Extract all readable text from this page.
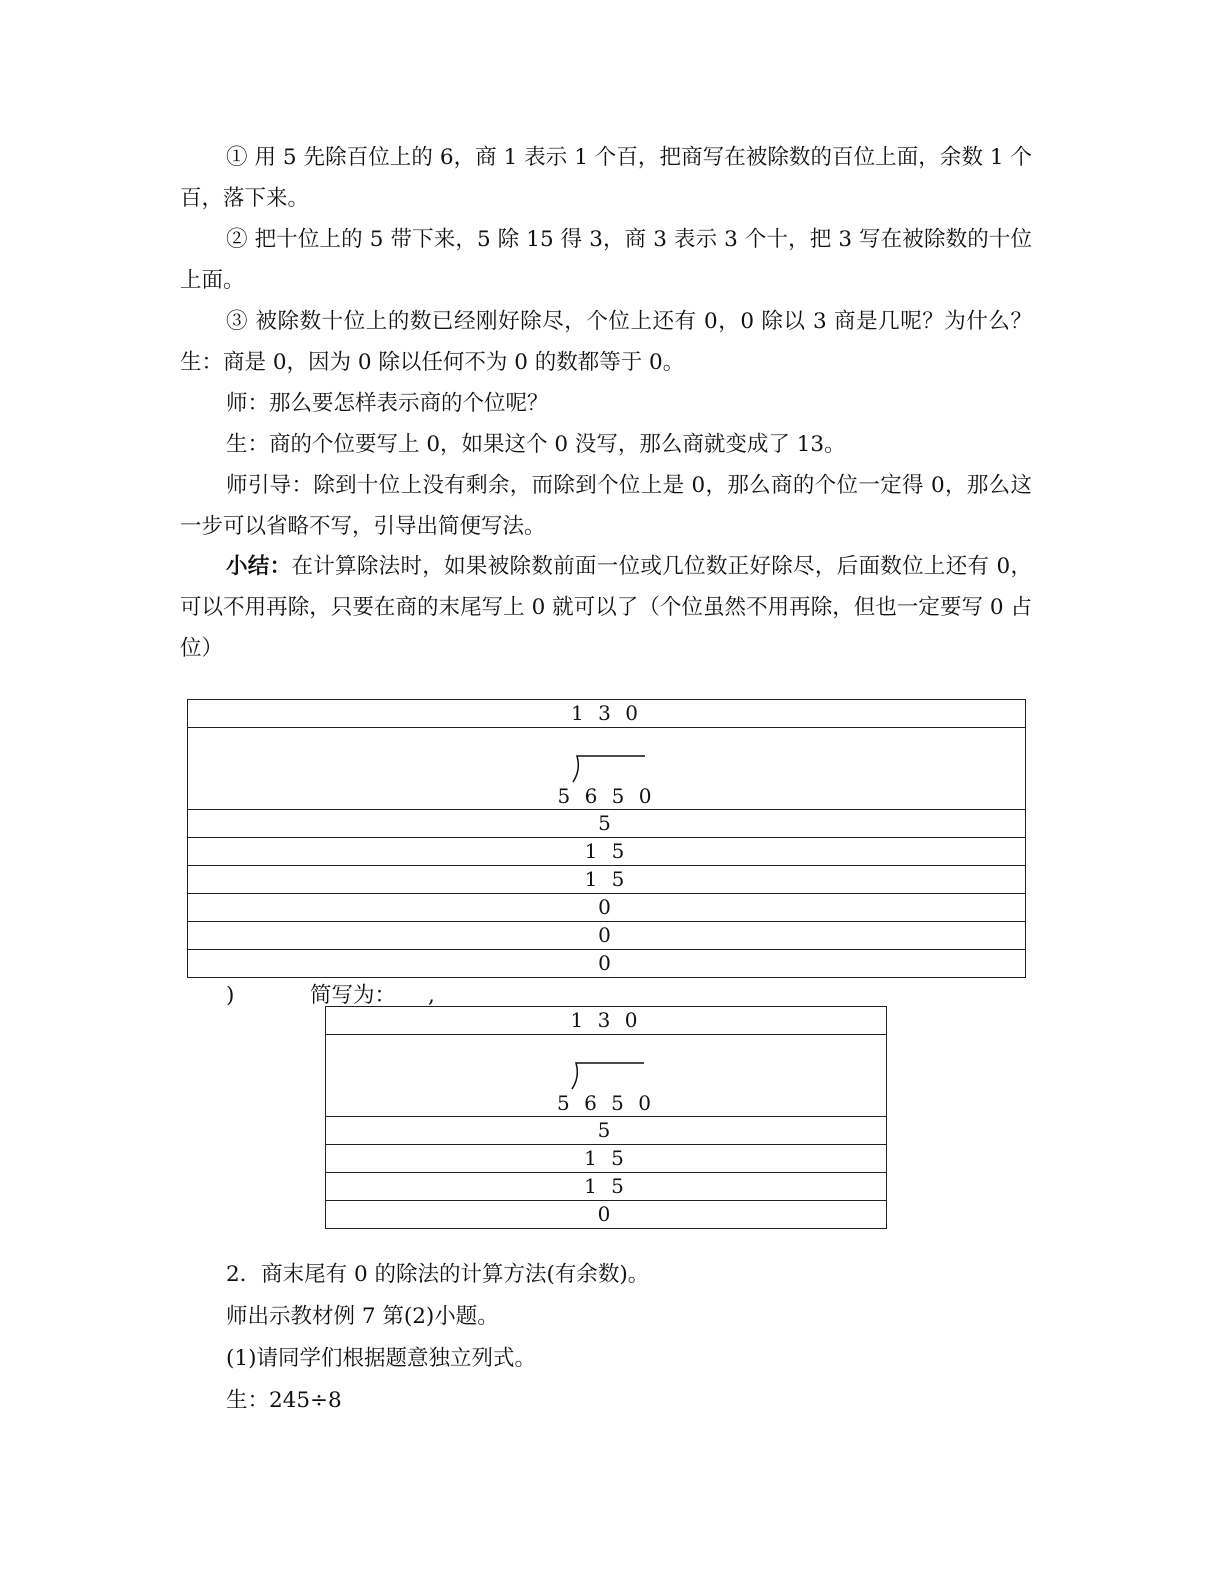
① 用 5 先除百位上的 6，商 1 表示 1 个百，把商写在被除数的百位上面，余数 1 个百，落下来。

② 把十位上的 5 带下来，5 除 15 得 3，商 3 表示 3 个十，把 3 写在被除数的十位上面。

③ 被除数十位上的数已经刚好除尽，个位上还有 0，0 除以 3 商是几呢？为什么？生：商是 0，因为 0 除以任何不为 0 的数都等于 0。

师：那么要怎样表示商的个位呢？

生：商的个位要写上 0，如果这个 0 没写，那么商就变成了 13。

师引导：除到十位上没有剩余，而除到个位上是 0，那么商的个位一定得 0，那么这一步可以省略不写，引导出简便写法。

小结：在计算除法时，如果被除数前面一位或几位数正好除尽，后面数位上还有 0，可以不用再除，只要在商的末尾写上 0 就可以了（个位虽然不用再除，但也一定要写 0 占位）

1 3 0

5 6 5 0

5
1 5
1 5
0
0
0
)	简写为： ,
1 3 0

5 6 5 0

5
1 5
1 5
0

2．商末尾有 0 的除法的计算方法(有余数)。

师出示教材例 7 第(2)小题。

(1)请同学们根据题意独立列式。

生：245÷8
